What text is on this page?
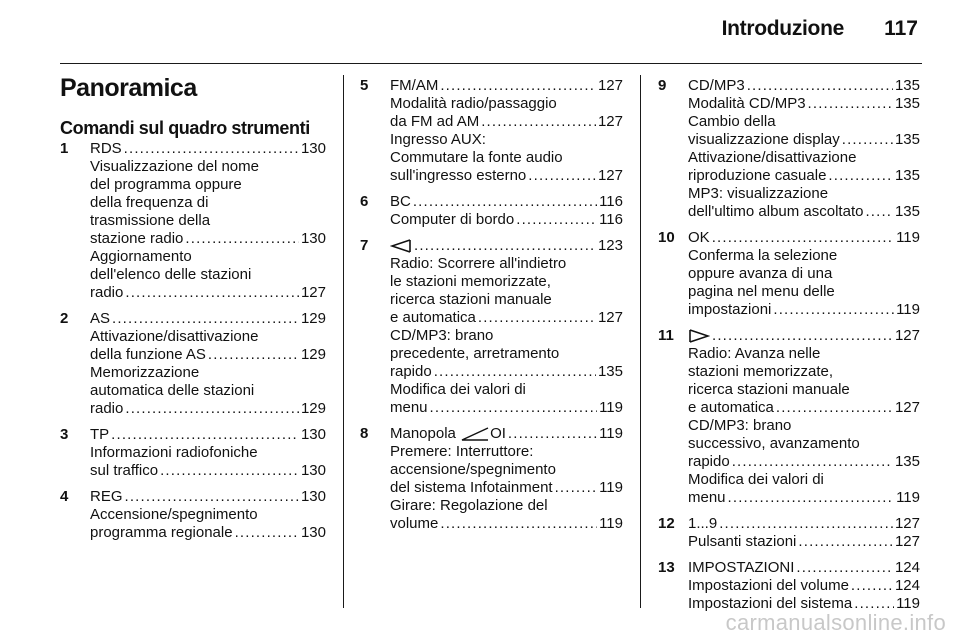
Introduzione 117
Panoramica
Comandi sul quadro strumenti
1 RDS . . .	130
Visualizzazione del nome
del programma oppure
della frequenza di
trasmissione della
stazione radio . . .	130
Aggiornamento
dell'elenco delle stazioni
radio . . .	127
2 AS . . .	129
Attivazione/disattivazione
della funzione AS . . .	129
Memorizzazione
automatica delle stazioni
radio . . .	129
3 TP . . .	130
Informazioni radiofoniche
sul traffico . . .	130
4 REG . . .	130
Accensione/spegnimento
programma regionale . . .	130
5 FM/AM . . .	127
Modalità radio/passaggio
da FM ad AM . . .	127
Ingresso AUX:
Commutare la fonte audio
sull'ingresso esterno . . .	127
6 BC . . .	116
Computer di bordo . . .	116
7 . . .	123
Radio: Scorrere all'indietro
le stazioni memorizzate,
ricerca stazioni manuale
e automatica . . .	127
CD/MP3: brano
precedente, arretramento
rapido . . .	135
Modifica dei valori di
menu . . .	119
8 Manopola OI . . .	119
Premere: Interruttore:
accensione/spegnimento
del sistema Infotainment . . .	119
Girare: Regolazione del
volume . . .	119
9 CD/MP3 . . .	135
Modalità CD/MP3 . . .	135
Cambio della
visualizzazione display . . .	135
Attivazione/disattivazione
riproduzione casuale . . .	135
MP3: visualizzazione
dell'ultimo album ascoltato . . . 135
10 OK . . .	119
Conferma la selezione
oppure avanza di una
pagina nel menu delle
impostazioni . . .	119
11 . . .	127
Radio: Avanza nelle
stazioni memorizzate,
ricerca stazioni manuale
e automatica . . .	127
CD/MP3: brano
successivo, avanzamento
rapido . . .	135
Modifica dei valori di
menu . . .	119
12 1...9 . . .	127
Pulsanti stazioni . . .	127
13 IMPOSTAZIONI . . .	124
Impostazioni del volume . . .	124
Impostazioni del sistema . . .	119
carmanualsonline.info
